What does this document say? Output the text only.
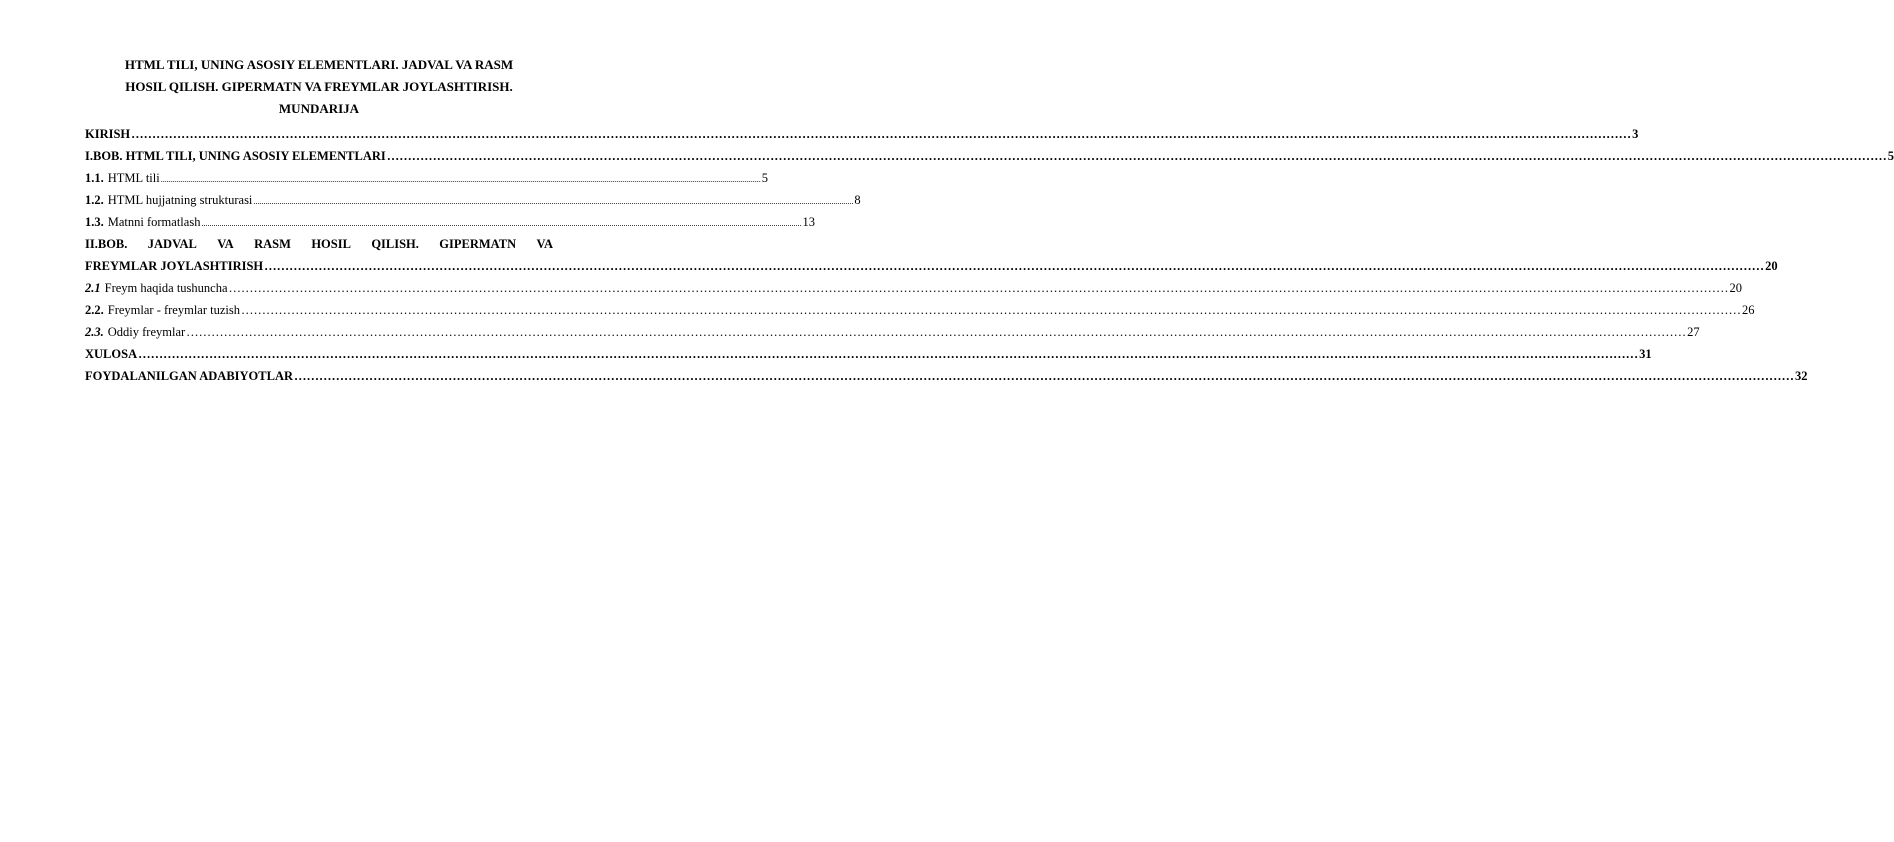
HTML TILI, UNING ASOSIY ELEMENTLARI. JADVAL VA RASM
HOSIL QILISH. GIPERMATN VA FREYMLAR JOYLASHTIRISH.
MUNDARIJA
KIRISH ……………………………………………………………………………………………………………………………………………………………………………………………………………………………………………………………………………………………………………………………… 3
I.BOB. HTML TILI, UNING ASOSIY ELEMENTLARI ……………………………………………………………………………………………………………………………………………………………………………………………………………………………………………………………………………………………………………………………… 5
1.1. HTML tili ............................................................................................................................................................................................................................................................................................................ 5
1.2. HTML hujjatning strukturasi ............................................................................................................................................................................................................................................................................................................ 8
1.3. Matnni formatlash ............................................................................................................................................................................................................................................................................................................ 13
II.BOB. JADVAL VA RASM HOSIL QILISH. GIPERMATN VA
FREYMLAR JOYLASHTIRISH ……………………………………………………………………………………………………………………………………………………………………………………………………………………………………………………………………………………………………………………………… 20
2.1 Freym haqida tushuncha ……………………………………………………………………………………………………………………………………………………………………………………………………………………………………………………………………………………………………………………………… 20
2.2. Freymlar - freymlar tuzish ……………………………………………………………………………………………………………………………………………………………………………………………………………………………………………………………………………………………………………………………… 26
2.3. Oddiy freymlar ……………………………………………………………………………………………………………………………………………………………………………………………………………………………………………………………………………………………………………………………… 27
XULOSA ……………………………………………………………………………………………………………………………………………………………………………………………………………………………………………………………………………………………………………………………… 31
FOYDALANILGAN ADABIYOTLAR ……………………………………………………………………………………………………………………………………………………………………………………………………………………………………………………………………………………………………………………………… 32
